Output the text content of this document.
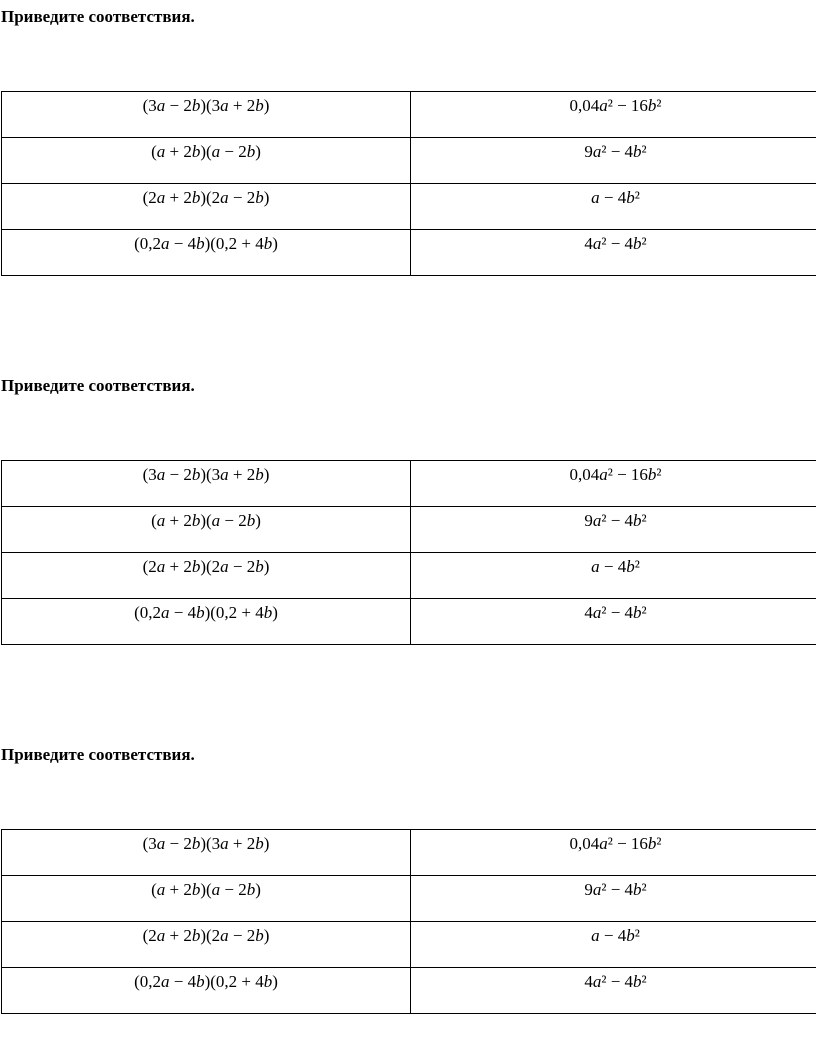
Приведите соответствия.

(3a − 2b)(3a + 2b)	0,04a² − 16b²
(a + 2b)(a − 2b)	9a² − 4b²
(2a + 2b)(2a − 2b)	a − 4b²
(0,2a − 4b)(0,2 + 4b)	4a² − 4b²

Приведите соответствия.

(3a − 2b)(3a + 2b)	0,04a² − 16b²
(a + 2b)(a − 2b)	9a² − 4b²
(2a + 2b)(2a − 2b)	a − 4b²
(0,2a − 4b)(0,2 + 4b)	4a² − 4b²

Приведите соответствия.

(3a − 2b)(3a + 2b)	0,04a² − 16b²
(a + 2b)(a − 2b)	9a² − 4b²
(2a + 2b)(2a − 2b)	a − 4b²
(0,2a − 4b)(0,2 + 4b)	4a² − 4b²
